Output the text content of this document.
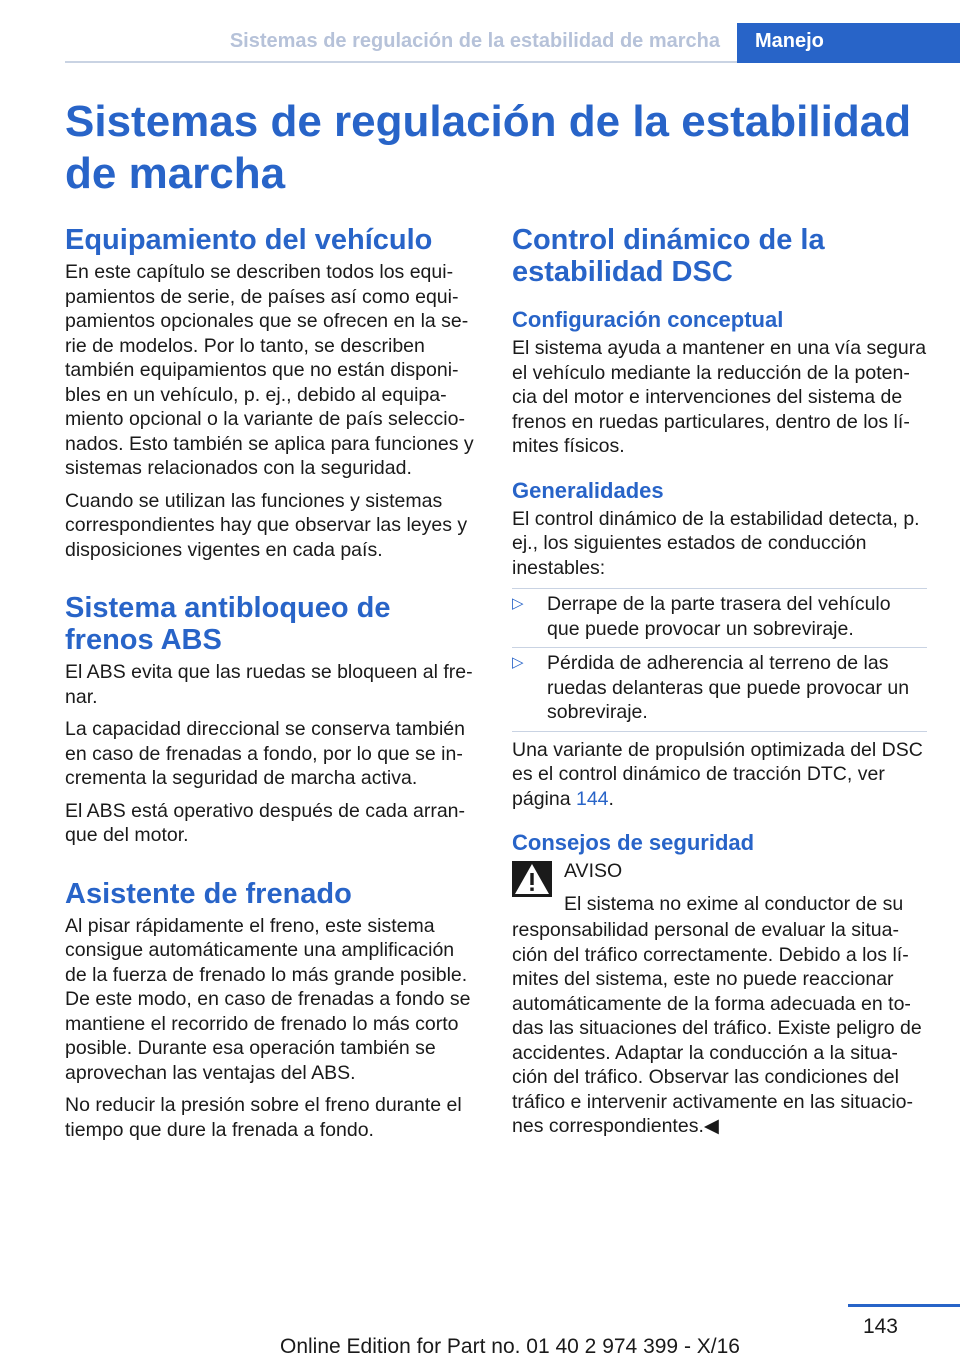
Sistemas de regulación de la estabilidad de marcha	Manejo
Sistemas de regulación de la estabilidad de marcha
Equipamiento del vehículo

En este capítulo se describen todos los equipamientos de serie, de países así como equipamientos opcionales que se ofrecen en la serie de modelos. Por lo tanto, se describen también equipamientos que no están disponibles en un vehículo, p. ej., debido al equipamiento opcional o la variante de país seleccionados. Esto también se aplica para funciones y sistemas relacionados con la seguridad.

Cuando se utilizan las funciones y sistemas correspondientes hay que observar las leyes y disposiciones vigentes en cada país.

Sistema antibloqueo de frenos ABS

El ABS evita que las ruedas se bloqueen al frenar.

La capacidad direccional se conserva también en caso de frenadas a fondo, por lo que se incrementa la seguridad de marcha activa.

El ABS está operativo después de cada arranque del motor.

Asistente de frenado

Al pisar rápidamente el freno, este sistema consigue automáticamente una amplificación de la fuerza de frenado lo más grande posible. De este modo, en caso de frenadas a fondo se mantiene el recorrido de frenado lo más corto posible. Durante esa operación también se aprovechan las ventajas del ABS.

No reducir la presión sobre el freno durante el tiempo que dure la frenada a fondo.

Control dinámico de la estabilidad DSC
Configuración conceptual

El sistema ayuda a mantener en una vía segura el vehículo mediante la reducción de la potencia del motor e intervenciones del sistema de frenos en ruedas particulares, dentro de los límites físicos.

Generalidades

El control dinámico de la estabilidad detecta, p. ej., los siguientes estados de conducción inestables:

▷ Derrape de la parte trasera del vehículo que puede provocar un sobreviraje.
▷ Pérdida de adherencia al terreno de las ruedas delanteras que puede provocar un sobreviraje.

Una variante de propulsión optimizada del DSC es el control dinámico de tracción DTC, ver página 144.

Consejos de seguridad

AVISO

El sistema no exime al conductor de su
responsabilidad personal de evaluar la situación del tráfico correctamente. Debido a los límites del sistema, este no puede reaccionar automáticamente de la forma adecuada en todas las situaciones del tráfico. Existe peligro de accidentes. Adaptar la conducción a la situación del tráfico. Observar las condiciones del tráfico e intervenir activamente en las situaciones correspondientes.◀

143
Online Edition for Part no. 01 40 2 974 399 - X/16
